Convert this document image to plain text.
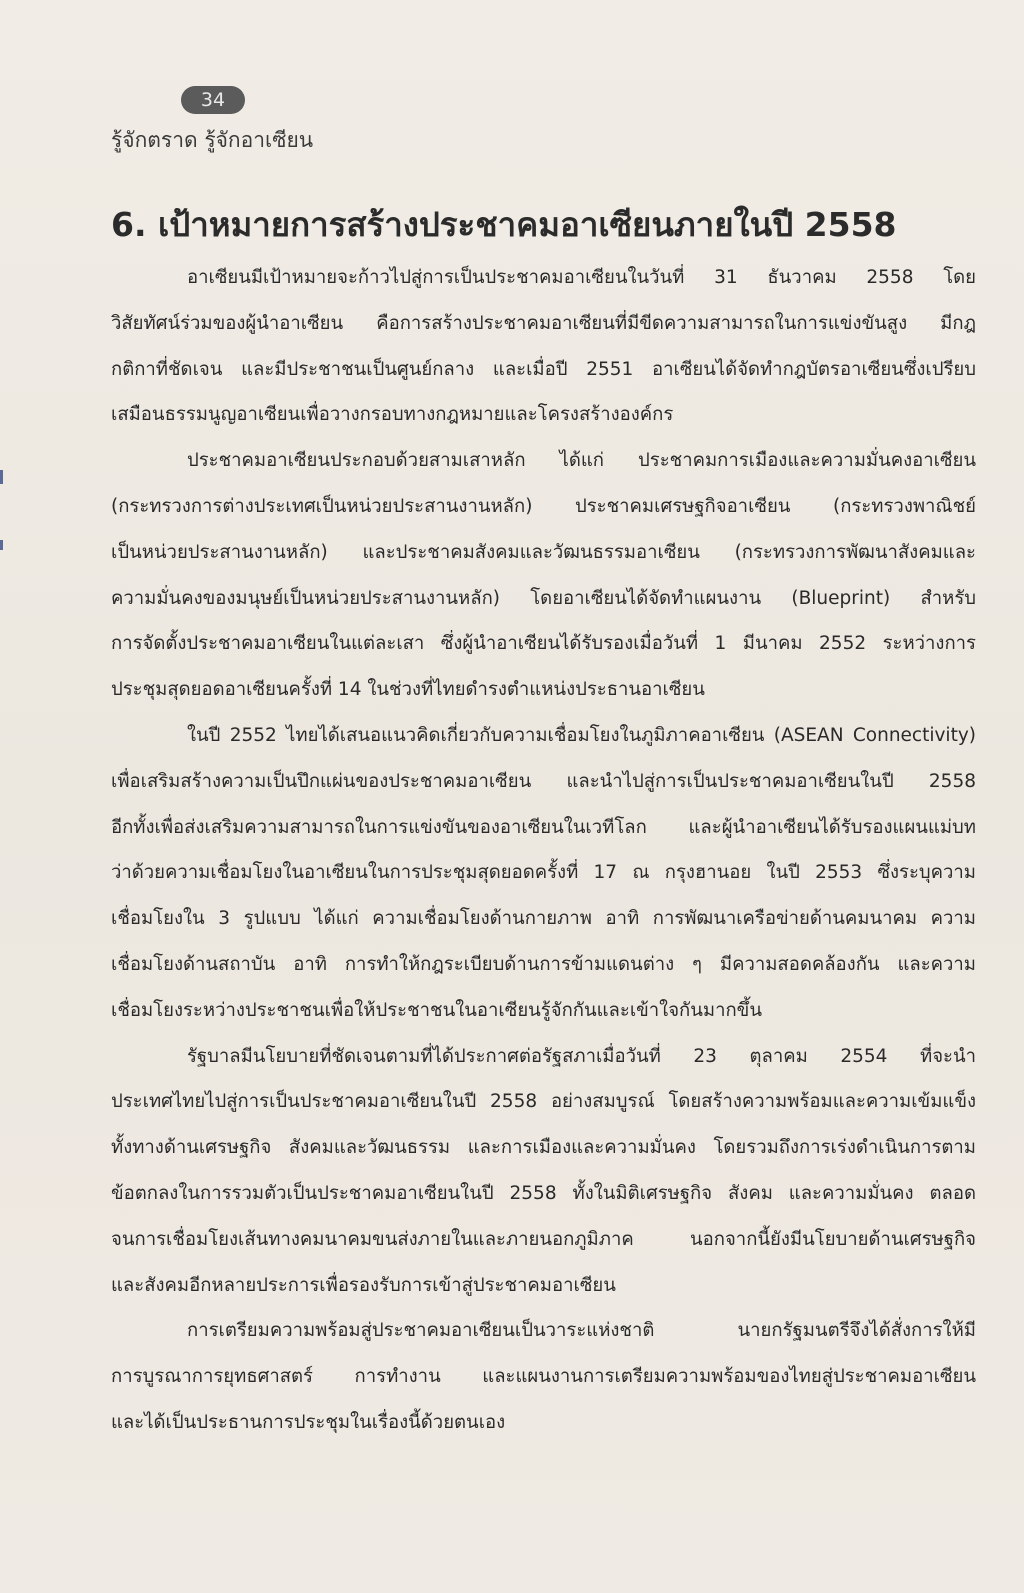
34
รู้จักตราด รู้จักอาเซียน
6. เป้าหมายการสร้างประชาคมอาเซียนภายในปี 2558
อาเซียนมีเป้าหมายจะก้าวไปสู่การเป็นประชาคมอาเซียนในวันที่ 31 ธันวาคม 2558 โดย
วิสัยทัศน์ร่วมของผู้นำอาเซียน คือการสร้างประชาคมอาเซียนที่มีขีดความสามารถในการแข่งขันสูง มีกฎ
กติกาที่ชัดเจน และมีประชาชนเป็นศูนย์กลาง และเมื่อปี 2551 อาเซียนได้จัดทำกฎบัตรอาเซียนซึ่งเปรียบ
เสมือนธรรมนูญอาเซียนเพื่อวางกรอบทางกฎหมายและโครงสร้างองค์กร
ประชาคมอาเซียนประกอบด้วยสามเสาหลัก ได้แก่ ประชาคมการเมืองและความมั่นคงอาเซียน
(กระทรวงการต่างประเทศเป็นหน่วยประสานงานหลัก) ประชาคมเศรษฐกิจอาเซียน (กระทรวงพาณิชย์
เป็นหน่วยประสานงานหลัก) และประชาคมสังคมและวัฒนธรรมอาเซียน (กระทรวงการพัฒนาสังคมและ
ความมั่นคงของมนุษย์เป็นหน่วยประสานงานหลัก) โดยอาเซียนได้จัดทำแผนงาน (Blueprint) สำหรับ
การจัดตั้งประชาคมอาเซียนในแต่ละเสา ซึ่งผู้นำอาเซียนได้รับรองเมื่อวันที่ 1 มีนาคม 2552 ระหว่างการ
ประชุมสุดยอดอาเซียนครั้งที่ 14 ในช่วงที่ไทยดำรงตำแหน่งประธานอาเซียน
ในปี 2552 ไทยได้เสนอแนวคิดเกี่ยวกับความเชื่อมโยงในภูมิภาคอาเซียน (ASEAN Connectivity)
เพื่อเสริมสร้างความเป็นปึกแผ่นของประชาคมอาเซียน และนำไปสู่การเป็นประชาคมอาเซียนในปี 2558
อีกทั้งเพื่อส่งเสริมความสามารถในการแข่งขันของอาเซียนในเวทีโลก และผู้นำอาเซียนได้รับรองแผนแม่บท
ว่าด้วยความเชื่อมโยงในอาเซียนในการประชุมสุดยอดครั้งที่ 17 ณ กรุงฮานอย ในปี 2553 ซึ่งระบุความ
เชื่อมโยงใน 3 รูปแบบ ได้แก่ ความเชื่อมโยงด้านกายภาพ อาทิ การพัฒนาเครือข่ายด้านคมนาคม ความ
เชื่อมโยงด้านสถาบัน อาทิ การทำให้กฎระเบียบด้านการข้ามแดนต่าง ๆ มีความสอดคล้องกัน และความ
เชื่อมโยงระหว่างประชาชนเพื่อให้ประชาชนในอาเซียนรู้จักกันและเข้าใจกันมากขึ้น
รัฐบาลมีนโยบายที่ชัดเจนตามที่ได้ประกาศต่อรัฐสภาเมื่อวันที่ 23 ตุลาคม 2554 ที่จะนำ
ประเทศไทยไปสู่การเป็นประชาคมอาเซียนในปี 2558 อย่างสมบูรณ์ โดยสร้างความพร้อมและความเข้มแข็ง
ทั้งทางด้านเศรษฐกิจ สังคมและวัฒนธรรม และการเมืองและความมั่นคง โดยรวมถึงการเร่งดำเนินการตาม
ข้อตกลงในการรวมตัวเป็นประชาคมอาเซียนในปี 2558 ทั้งในมิติเศรษฐกิจ สังคม และความมั่นคง ตลอด
จนการเชื่อมโยงเส้นทางคมนาคมขนส่งภายในและภายนอกภูมิภาค นอกจากนี้ยังมีนโยบายด้านเศรษฐกิจ
และสังคมอีกหลายประการเพื่อรองรับการเข้าสู่ประชาคมอาเซียน
การเตรียมความพร้อมสู่ประชาคมอาเซียนเป็นวาระแห่งชาติ นายกรัฐมนตรีจึงได้สั่งการให้มี
การบูรณาการยุทธศาสตร์ การทำงาน และแผนงานการเตรียมความพร้อมของไทยสู่ประชาคมอาเซียน
และได้เป็นประธานการประชุมในเรื่องนี้ด้วยตนเอง
